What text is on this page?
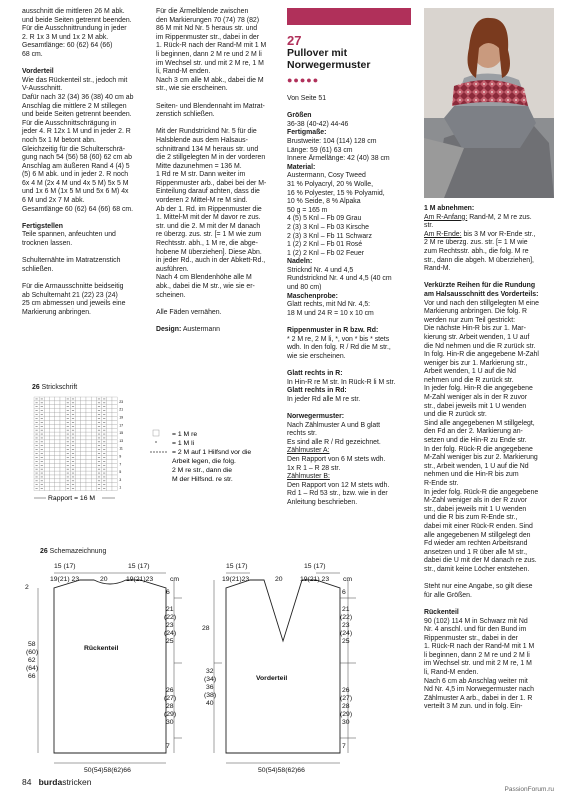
ausschnitt die mittleren 26 M abk.
und beide Seiten getrennt beenden.
Für die Ausschnittrundung in jeder
2. R 1x 3 M und 1x 2 M abk.
Gesamtlänge: 60 (62) 64 (66)
68 cm.

Vorderteil

Wie das Rückenteil str., jedoch mit
V-Ausschnitt.
Dafür nach 32 (34) 36 (38) 40 cm ab
Anschlag die mittlere 2 M stillegen
und beide Seiten getrennt beenden.
Für die Ausschnittschrägung in
jeder 4. R 12x 1 M und in jeder 2. R
noch 5x 1 M betont abn.
Gleichzeitig für die Schulterschrä-
gung nach 54 (56) 58 (60) 62 cm ab
Anschlag am äußeren Rand 4 (4) 5
(5) 6 M abk. und in jeder 2. R noch
6x 4 M (2x 4 M und 4x 5 M) 5x 5 M
und 1x 6 M (1x 5 M und 5x 6 M) 4x
6 M und 2x 7 M abk.
Gesamtlänge 60 (62) 64 (66) 68 cm.

Fertigstellen

Teile spannen, anfeuchten und
trocknen lassen.

Schulternähte im Matratzenstich
schließen.

Für die Armausschnitte beidseitig
ab Schulternaht 21 (22) 23 (24)
25 cm abmessen und jeweils eine
Markierung anbringen.

Für die Ärmelblende zwischen
den Markierungen 70 (74) 78 (82)
86 M mit Nd Nr. 5 heraus str. und
im Rippenmuster str., dabei in der
1. Rück-R nach der Rand-M mit 1 M
li beginnen, dann 2 M re und 2 M li
im Wechsel str. und mit 2 M re, 1 M
li, Rand-M enden.
Nach 3 cm alle M abk., dabei die M
str., wie sie erscheinen.

Seiten- und Blendennaht im Matrat-
zenstich schließen.

Mit der Rundstricknd Nr. 5 für die
Halsblende aus dem Halsaus-
schnittrand 134 M heraus str. und
die 2 stillgelegten M in der vorderen
Mitte dazunehmen = 136 M.
1 Rd re M str. Dann weiter im
Rippenmuster arb., dabei bei der M-
Einteilung darauf achten, dass die
vorderen 2 Mittel-M re M sind.
Ab der 1. Rd. im Rippenmuster die
1. Mittel-M mit der M davor re zus.
str. und die 2. M mit der M danach
re überzg. zus. str. [= 1 M wie zum
Rechtsstr. abh., 1 M re, die abge-
hobene M überziehen]. Diese Abn.
in jeder Rd., auch in der Abkett-Rd.,
ausführen.
Nach 4 cm Blendenhöhe alle M
abk., dabei die M str., wie sie er-
scheinen.

Alle Fäden vernähen.

Design: Austermann

27
Pullover mit
Norwegermuster
●●●●●

Von Seite 51

Größen
36-38 (40-42) 44-46
Fertigmaße:
Brustweite: 104 (114) 128 cm
Länge: 59 (61) 63 cm
Innere Ärmellänge: 42 (40) 38 cm
Material:
Austermann, Cosy Tweed
31 % Polyacryl, 20 % Wolle,
16 % Polyester, 15 % Polyamid,
10 % Seide, 8 % Alpaka
50 g = 165 m
4 (5) 5 Knl – Fb 09 Grau
2 (3) 3 Knl – Fb 03 Kirsche
2 (3) 3 Knl – Fb 11 Schwarz
1 (2) 2 Knl – Fb 01 Rosé
1 (2) 2 Knl – Fb 02 Feuer
Nadeln:
Stricknd Nr. 4 und 4,5
Rundstricknd Nr. 4 und 4,5 (40 cm
und 80 cm)
Maschenprobe:

Glatt rechts, mit Nd Nr. 4,5:
18 M und 24 R = 10 x 10 cm

Rippenmuster in R bzw. Rd:

* 2 M re, 2 M li, *, von * bis * stets
wdh. In den folg. R / Rd die M str.,
wie sie erscheinen.

Glatt rechts in R:
In Hin-R re M str. In Rück-R li M str.
Glatt rechts in Rd:

In jeder Rd alle M re str.

Norwegermuster:
Nach Zählmuster A und B glatt
rechts str.
Es sind alle R / Rd gezeichnet.
Zählmuster A:
Den Rapport von 6 M stets wdh.
1x R 1 – R 28 str.
Zählmuster B:
Den Rapport von 12 M stets wdh.
Rd 1 – Rd 53 str., bzw. wie in der
Anleitung beschrieben.
1 M abnehmen:
Am R-Anfang: Rand-M, 2 M re zus.
str.
Am R-Ende: bis 3 M vor R-Ende str.,

2 M re überzg. zus. str. [= 1 M wie
zum Rechtsstr. abh., die folg. M re
str., dann die abgeh. M überziehen],
Rand-M.

Verkürzte Reihen für die Rundung
am Halsausschnitt des Vorderteils:

Vor und nach den stillgelegten M eine
Markierung anbringen. Die folg. R
werden nur zum Teil gestrickt:
Die nächste Hin-R bis zur 1. Mar-
kierung str. Arbeit wenden, 1 U auf
die Nd nehmen und die R zurück str.
In folg. Hin-R die angegebene M-Zahl
weniger bis zur 1. Markierung str.,
Arbeit wenden, 1 U auf die Nd
nehmen und die R zurück str.
In jeder folg. Hin-R die angegebene
M-Zahl weniger als in der R zuvor
str., dabei jeweils mit 1 U wenden
und die R zurück str.
Sind alle angegebenen M stillgelegt,
den Fd an der 2. Markierung an-
setzen und die Hin-R zu Ende str.
In der folg. Rück-R die angegebene
M-Zahl weniger bis zur 2. Markierung
str., Arbeit wenden, 1 U auf die Nd
nehmen und die Hin-R bis zum
R-Ende str.
In jeder folg. Rück-R die angegebene
M-Zahl weniger als in der R zuvor
str., dabei jeweils mit 1 U wenden
und die R bis zum R-Ende str.,
dabei mit einer Rück-R enden. Sind
alle angegebenen M stillgelegt den
Fd wieder am rechten Arbeitsrand
ansetzen und 1 R über alle M str.,
dabei die U mit der M danach re zus.
str., damit keine Löcher entstehen.

Steht nur eine Angabe, so gilt diese
für alle Größen.

Rückenteil
90 (102) 114 M in Schwarz mit Nd
Nr. 4 anschl. und für den Bund im
Rippenmuster str., dabei in der
1. Rück-R nach der Rand-M mit 1 M
li beginnen, dann 2 M re und 2 M li
im Wechsel str. und mit 2 M re, 1 M
li, Rand-M enden.
Nach 6 cm ab Anschlag weiter mit
Nd Nr. 4,5 im Norwegermuster nach
Zählmuster A arb., dabei in der 1. R
verteilt 3 M zun. und in folg. Ein-
26 Strickschrift
23
21
19
17
15
13
11
9
7
5
3
1
Rapport = 16 M
= 1 M re
= 1 M li
= 2 M auf 1 Hilfsnd vor die
Arbeit legen, die folg.
2 M re str., dann die
M der Hilfsnd. re str.
26 Schemazeichnung
15 (17)
19(21) 23	20
15 (17)
19(21)23 cm
2
6
Rückenteil
58
(60)
62
(64)
66
21
(22)
23
(24)
25
26
(27)
28
(29)
30
7
50(54)58(62)66
15 (17)
19(21)23	20
15 (17)
19(21) 23 cm
28
Vorderteil
32
(34)
36
(38)
40
6
21
(22)
23
(24)
25
26
(27)
28
(29)
30
7
50(54)58(62)66
84 burdastricken
PassionForum.ru
